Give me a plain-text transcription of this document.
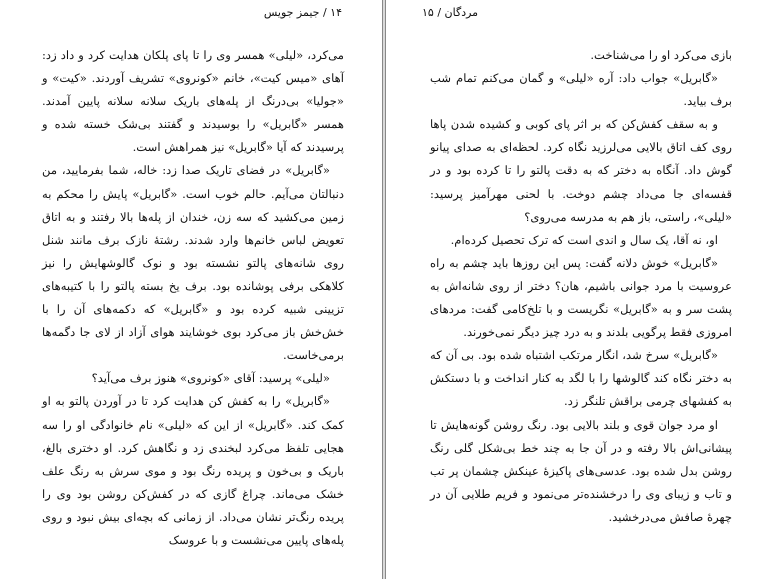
۱۴ / جیمز جویس

می‌کرد، «لیلی» همسر وی را تا پای پلکان هدایت کرد و داد زد: آهای «میس کیت»، خانم «کونروی» تشریف آوردند. «کیت» و «جولیا» بی‌درنگ از پله‌های باریک سلانه سلانه پایین آمدند. همسر «گابریل» را بوسیدند و گفتند بی‌شک خسته شده و پرسیدند که آیا «گابریل» نیز همراهش است.

«گابریل» در فضای تاریک صدا زد: خاله، شما بفرمایید، من دنبالتان می‌آیم. حالم خوب است. «گابریل» پایش را محکم به زمین می‌کشید که سه زن، خندان از پله‌ها بالا رفتند و به اتاق تعویض لباس خانم‌ها وارد شدند. رشتهٔ نازک برف مانند شنل روی شانه‌های پالتو نشسته بود و نوک گالوشهایش را نیز کلاهکی برفی پوشانده بود. برف یخ بسته پالتو را با کتیبه‌های تزیینی شبیه کرده بود و «گابریل» که دکمه‌های آن را با خش‌خش باز می‌کرد بوی خوشایند هوای آزاد از لای جا دگمه‌ها برمی‌خاست.

«لیلی» پرسید: آقای «کونروی» هنوز برف می‌آید؟

«گابریل» را به کفش کن هدایت کرد تا در آوردن پالتو به او کمک کند. «گابریل» از این که «لیلی» نام خانوادگی او را سه هجایی تلفظ می‌کرد لبخندی زد و نگاهش کرد. او دختری بالغ، باریک و بی‌خون و پریده رنگ بود و موی سرش به رنگ علف خشک می‌ماند. چراغ گازی که در کفش‌کن روشن بود وی را پریده رنگ‌تر نشان می‌داد. از زمانی که بچه‌ای بیش نبود و روی پله‌های پایین می‌نشست و با عروسک

مردگان / ۱۵

بازی می‌کرد او را می‌شناخت.

«گابریل» جواب داد: آره «لیلی» و گمان می‌کنم تمام شب برف بیاید.

و به سقف کفش‌کن که بر اثر پای کوبی و کشیده شدن پاها روی کف اتاق بالایی می‌لرزید نگاه کرد. لحظه‌ای به صدای پیانو گوش داد. آنگاه به دختر که به دقت پالتو را تا کرده بود و در قفسه‌ای جا می‌داد چشم دوخت. با لحنی مهرآمیز پرسید: «لیلی»، راستی، باز هم به مدرسه می‌روی؟

او، نه آقا، یک سال و اندی است که ترک تحصیل کرده‌ام.

«گابریل» خوش دلانه گفت: پس این روزها باید چشم به راه عروسیت با مرد جوانی باشیم، هان؟ دختر از روی شانه‌اش به پشت سر و به «گابریل» نگریست و با تلخ‌کامی گفت: مردهای امروزی فقط پرگویی بلدند و به درد چیز دیگر نمی‌خورند.

«گابریل» سرخ شد، انگار مرتکب اشتباه شده بود. بی آن که به دختر نگاه کند گالوشها را با لگد به کنار انداخت و با دستکش به کفشهای چرمی براقش تلنگر زد.

او مرد جوان قوی و بلند بالایی بود. رنگ روشن گونه‌هایش تا پیشانی‌اش بالا رفته و در آن جا به چند خط بی‌شکل گلی رنگ روشن بدل شده بود. عدسی‌های پاکیزهٔ عینکش چشمان پر تب و تاب و زیبای وی را درخشنده‌تر می‌نمود و فریم طلایی آن در چهرهٔ صافش می‌درخشید.
